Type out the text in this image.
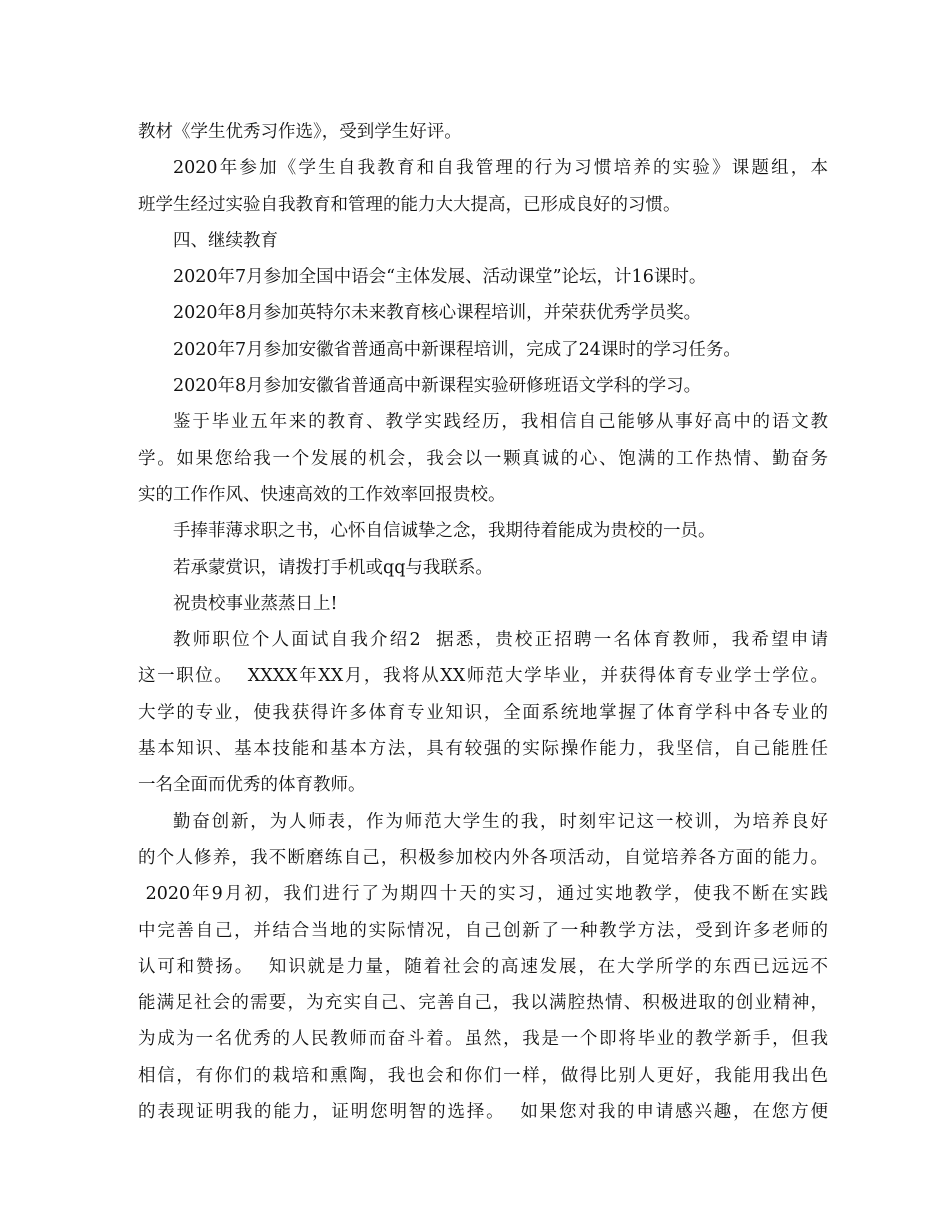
教材《学生优秀习作选》，受到学生好评。
2020年参加《学生自我教育和自我管理的行为习惯培养的实验》课题组，本
班学生经过实验自我教育和管理的能力大大提高，已形成良好的习惯。
四、继续教育
2020年7月参加全国中语会“主体发展、活动课堂”论坛，计16课时。
2020年8月参加英特尔未来教育核心课程培训，并荣获优秀学员奖。
2020年7月参加安徽省普通高中新课程培训，完成了24课时的学习任务。
2020年8月参加安徽省普通高中新课程实验研修班语文学科的学习。
鉴于毕业五年来的教育、教学实践经历，我相信自己能够从事好高中的语文教
学。如果您给我一个发展的机会，我会以一颗真诚的心、饱满的工作热情、勤奋务
实的工作作风、快速高效的工作效率回报贵校。
手捧菲薄求职之书，心怀自信诚挚之念，我期待着能成为贵校的一员。
若承蒙赏识，请拨打手机或qq与我联系。
祝贵校事业蒸蒸日上!
教师职位个人面试自我介绍2  据悉，贵校正招聘一名体育教师，我希望申请
这一职位。  XXXX年XX月，我将从XX师范大学毕业，并获得体育专业学士学位。
大学的专业，使我获得许多体育专业知识，全面系统地掌握了体育学科中各专业的
基本知识、基本技能和基本方法，具有较强的实际操作能力，我坚信，自己能胜任
一名全面而优秀的体育教师。
勤奋创新，为人师表，作为师范大学生的我，时刻牢记这一校训，为培养良好
的个人修养，我不断磨练自己，积极参加校内外各项活动，自觉培养各方面的能力。
2020年9月初，我们进行了为期四十天的实习，通过实地教学，使我不断在实践
中完善自己，并结合当地的实际情况，自己创新了一种教学方法，受到许多老师的
认可和赞扬。  知识就是力量，随着社会的高速发展，在大学所学的东西已远远不
能满足社会的需要，为充实自己、完善自己，我以满腔热情、积极进取的创业精神，
为成为一名优秀的人民教师而奋斗着。虽然，我是一个即将毕业的教学新手，但我
相信，有你们的栽培和熏陶，我也会和你们一样，做得比别人更好，我能用我出色
的表现证明我的能力，证明您明智的选择。  如果您对我的申请感兴趣，在您方便
